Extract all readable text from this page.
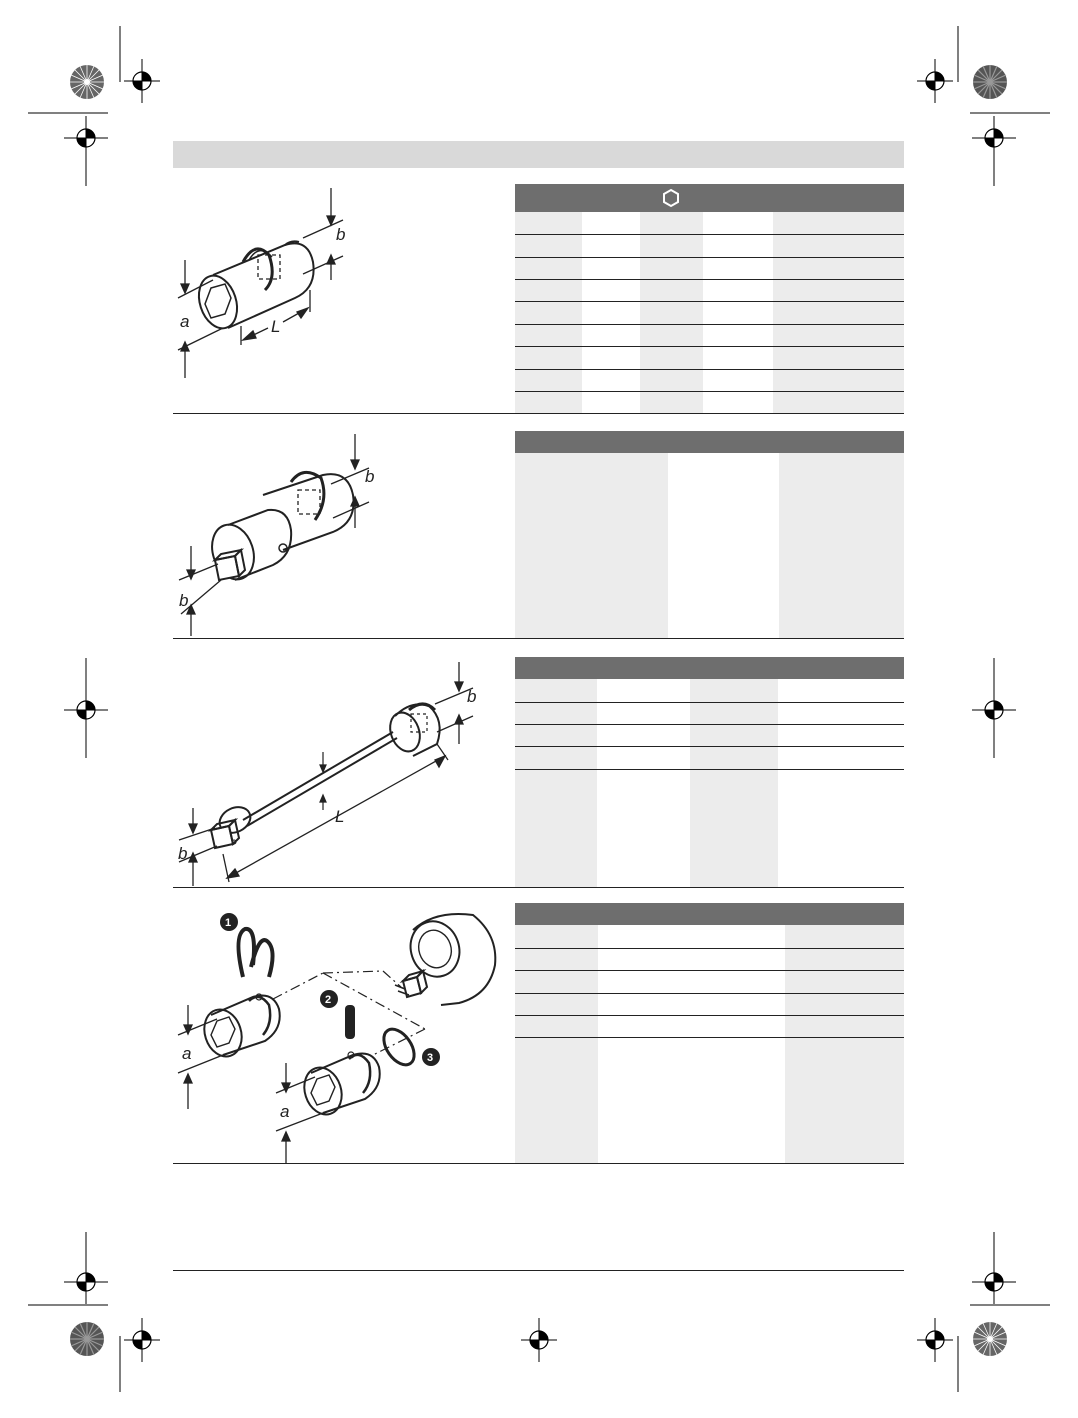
b
a	L
b
b
b
b
L
1
2
3
a
a
